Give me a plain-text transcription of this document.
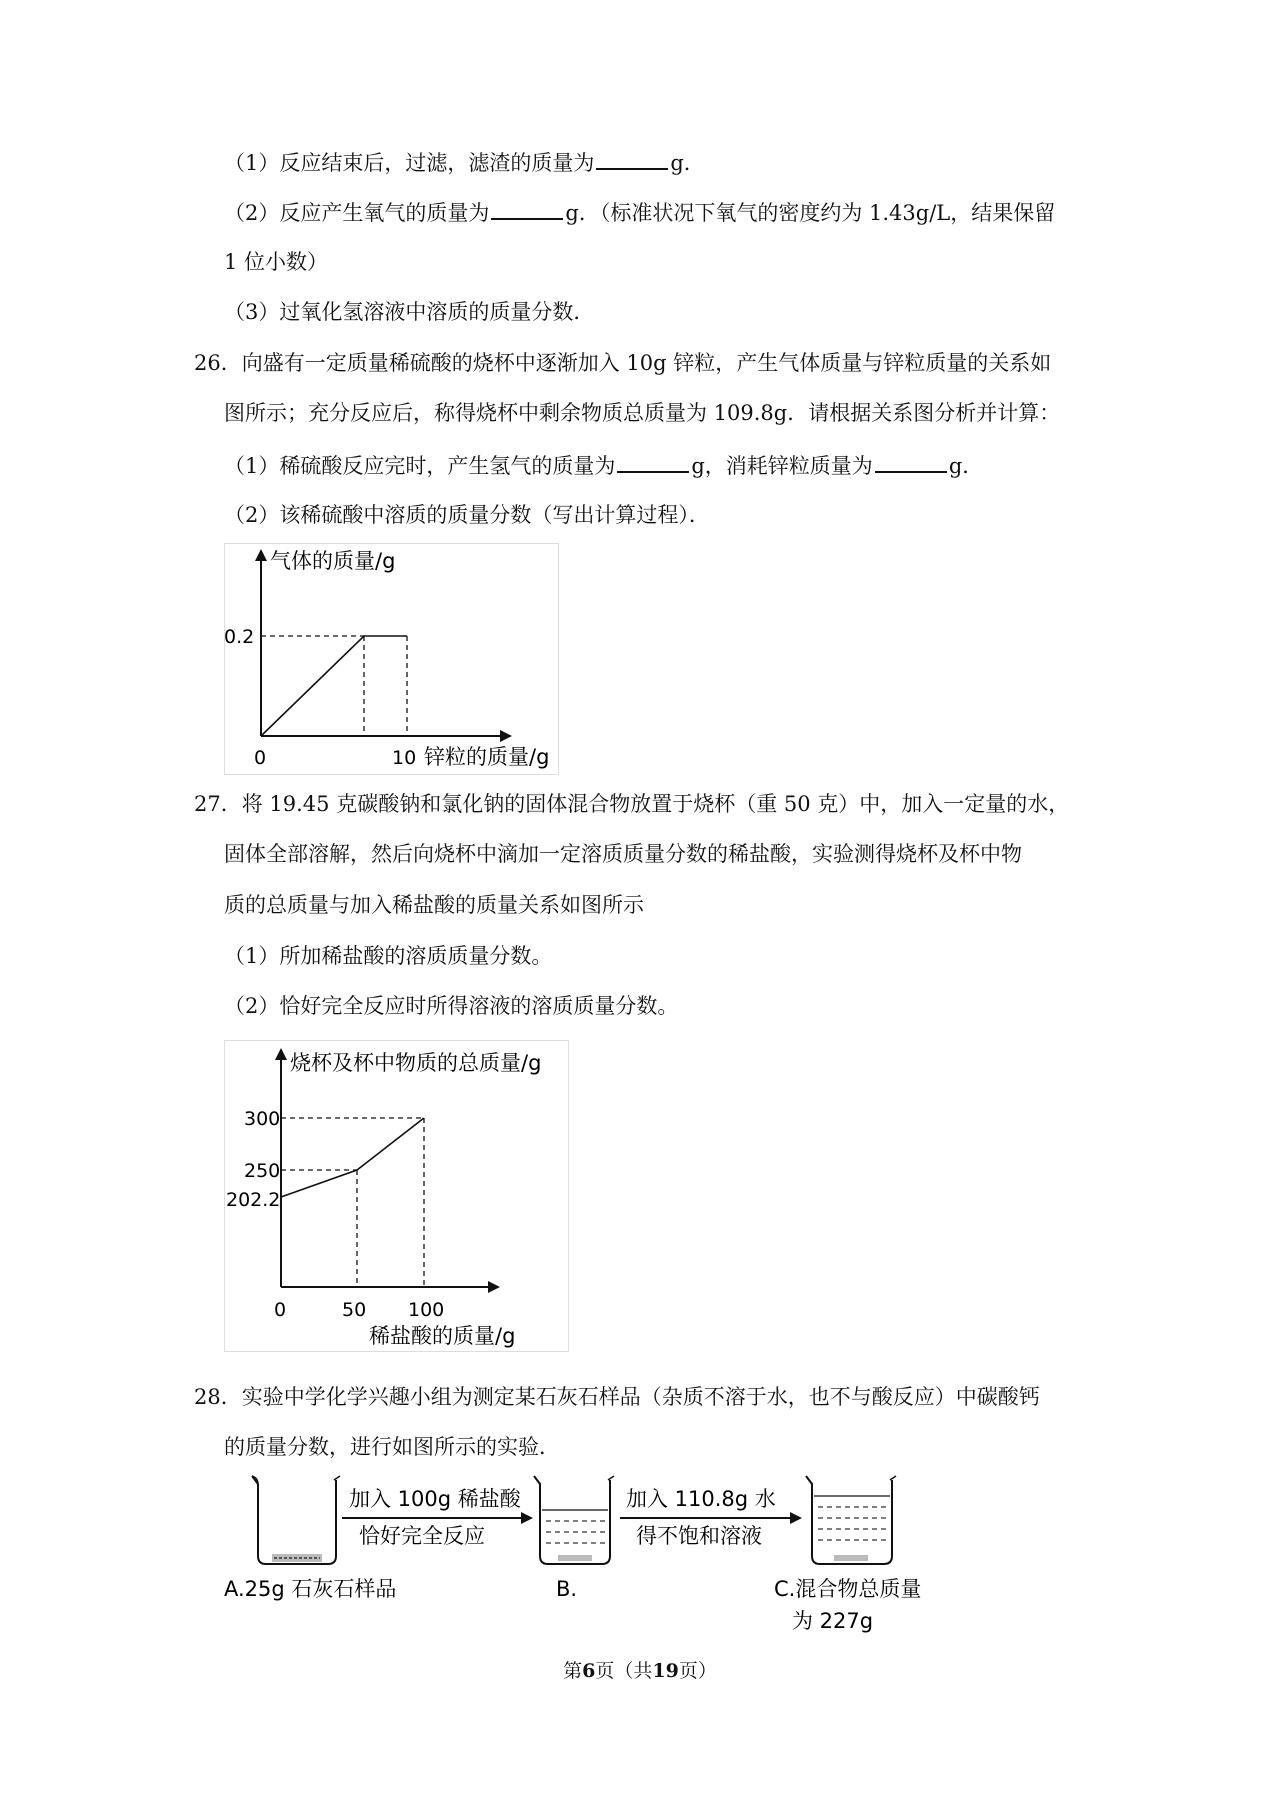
（1）反应结束后，过滤，滤渣的质量为	g．
（2）反应产生氧气的质量为	g．（标准状况下氧气的密度约为 1.43g/L，结果保留
1 位小数）
（3）过氧化氢溶液中溶质的质量分数．
26．向盛有一定质量稀硫酸的烧杯中逐渐加入 10g 锌粒，产生气体质量与锌粒质量的关系如
图所示；充分反应后，称得烧杯中剩余物质总质量为 109.8g．请根据关系图分析并计算：
（1）稀硫酸反应完时，产生氢气的质量为	g，消耗锌粒质量为	g．
（2）该稀硫酸中溶质的质量分数（写出计算过程）．
气体的质量/g
锌粒的质量/g
0.2
10
0
27．将 19.45 克碳酸钠和氯化钠的固体混合物放置于烧杯（重 50 克）中，加入一定量的水，
固体全部溶解，然后向烧杯中滴加一定溶质质量分数的稀盐酸，实验测得烧杯及杯中物
质的总质量与加入稀盐酸的质量关系如图所示
（1）所加稀盐酸的溶质质量分数。
（2）恰好完全反应时所得溶液的溶质质量分数。
烧杯及杯中物质的总质量/g
稀盐酸的质量/g
300
250
202.2
0	50 100
28．实验中学化学兴趣小组为测定某石灰石样品（杂质不溶于水，也不与酸反应）中碳酸钙
的质量分数，进行如图所示的实验．
加入 100g 稀盐酸
恰好完全反应
加入 110.8g 水
得不饱和溶液
A.25g 石灰石样品	B.	C.混合物总质量
为 227g
第6页（共19页）
